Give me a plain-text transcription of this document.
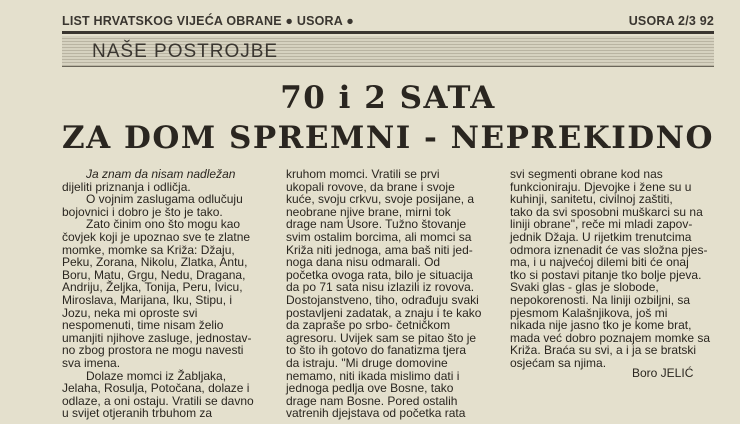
LIST HRVATSKOG VIJEĆA OBRANE ● USORA ●	USORA 2/3 92
NAŠE POSTROJBE
70 i 2 SATA
ZA DOM SPREMNI - NEPREKIDNO
Ja znam da nisam nadležan
dijeliti priznanja i odličja.
O vojnim zaslugama odlučuju
bojovnici i dobro je što je tako.
Zato činim ono što mogu kao
čovjek koji je upoznao sve te zlatne
momke, momke sa Križa: Džaju,
Peku, Zorana, Nikolu, Zlatka, Antu,
Boru, Matu, Grgu, Nedu, Dragana,
Andriju, Željka, Tonija, Peru, Ivicu,
Miroslava, Marijana, Iku, Stipu, i
Jozu, neka mi oproste svi
nespomenuti, time nisam želio
umanjiti njihove zasluge, jednostav-
no zbog prostora ne mogu navesti
sva imena.
Dolaze momci iz Žabljaka,
Jelaha, Rosulja, Potočana, dolaze i
odlaze, a oni ostaju. Vratili se davno
u svijet otjeranih trbuhom za
kruhom momci. Vratili se prvi
ukopali rovove, da brane i svoje
kuće, svoju crkvu, svoje posijane, a
neobrane njive brane, mirni tok
drage nam Usore. Tužno štovanje
svim ostalim borcima, ali momci sa
Križa niti jednoga, ama baš niti jed-
noga dana nisu odmarali. Od
početka ovoga rata, bilo je situacija
da po 71 sata nisu izlazili iz rovova.
Dostojanstveno, tiho, odrađuju svaki
postavljeni zadatak, a znaju i te kako
da zapraše po srbo- četničkom
agresoru. Uvijek sam se pitao što je
to što ih gotovo do fanatizma tjera
da istraju. "Mi druge domovine
nemamo, niti ikada mislimo dati i
jednoga pedlja ove Bosne, tako
drage nam Bosne. Pored ostalih
vatrenih djejstava od početka rata
svi segmenti obrane kod nas
funkcioniraju. Djevojke i žene su u
kuhinji, sanitetu, civilnoj zaštiti,
tako da svi sposobni muškarci su na
liniji obrane", reče mi mladi zapov-
jednik Džaja. U rijetkim trenutcima
odmora iznenadit će vas složna pjes-
ma, i u najvećoj dilemi biti će onaj
tko si postavi pitanje tko bolje pjeva.
Svaki glas - glas je slobode,
nepokorenosti. Na liniji ozbiljni, sa
pjesmom Kalašnjikova, još mi
nikada nije jasno tko je kome brat,
mada već dobro poznajem momke sa
Križa. Braća su svi, a i ja se bratski
osjećam sa njima.
Boro JELIĆ
